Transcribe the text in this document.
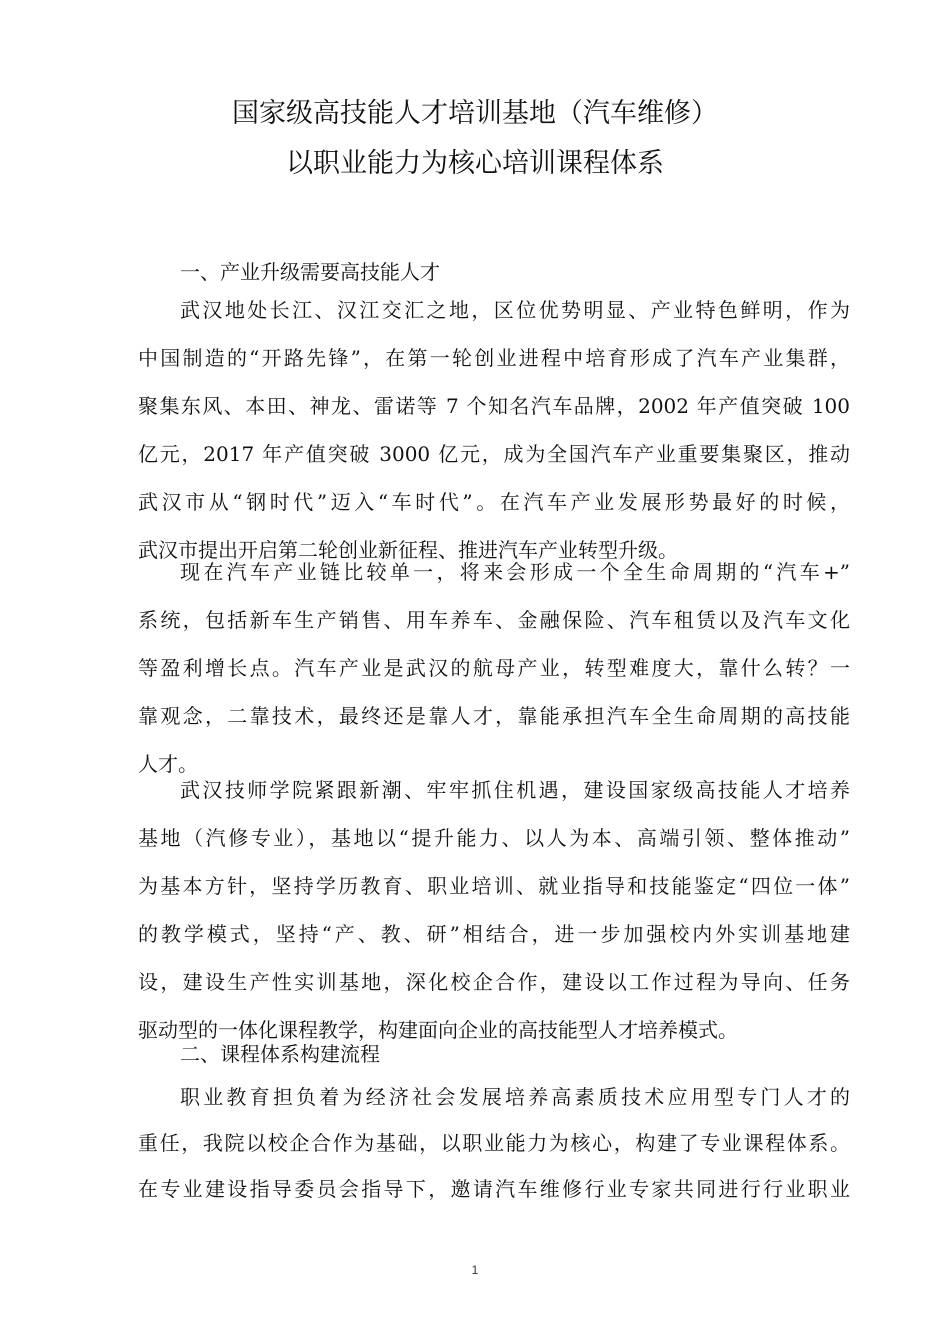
国家级高技能人才培训基地（汽车维修）
以职业能力为核心培训课程体系
一、产业升级需要高技能人才

武汉地处长江、汉江交汇之地，区位优势明显、产业特色鲜明，作为
中国制造的“开路先锋”，在第一轮创业进程中培育形成了汽车产业集群，
聚集东风、本田、神龙、雷诺等 7 个知名汽车品牌，2002 年产值突破 100
亿元，2017 年产值突破 3000 亿元，成为全国汽车产业重要集聚区，推动
武汉市从“钢时代”迈入“车时代”。在汽车产业发展形势最好的时候，
武汉市提出开启第二轮创业新征程、推进汽车产业转型升级。

现在汽车产业链比较单一，将来会形成一个全生命周期的“汽车+”
系统，包括新车生产销售、用车养车、金融保险、汽车租赁以及汽车文化
等盈利增长点。汽车产业是武汉的航母产业，转型难度大，靠什么转？一
靠观念，二靠技术，最终还是靠人才，靠能承担汽车全生命周期的高技能
人才。

武汉技师学院紧跟新潮、牢牢抓住机遇，建设国家级高技能人才培养
基地（汽修专业），基地以“提升能力、以人为本、高端引领、整体推动”
为基本方针，坚持学历教育、职业培训、就业指导和技能鉴定“四位一体”
的教学模式，坚持“产、教、研”相结合，进一步加强校内外实训基地建
设，建设生产性实训基地，深化校企合作，建设以工作过程为导向、任务
驱动型的一体化课程教学，构建面向企业的高技能型人才培养模式。

二、课程体系构建流程

职业教育担负着为经济社会发展培养高素质技术应用型专门人才的
重任，我院以校企合作为基础，以职业能力为核心，构建了专业课程体系。
在专业建设指导委员会指导下，邀请汽车维修行业专家共同进行行业职业

1
